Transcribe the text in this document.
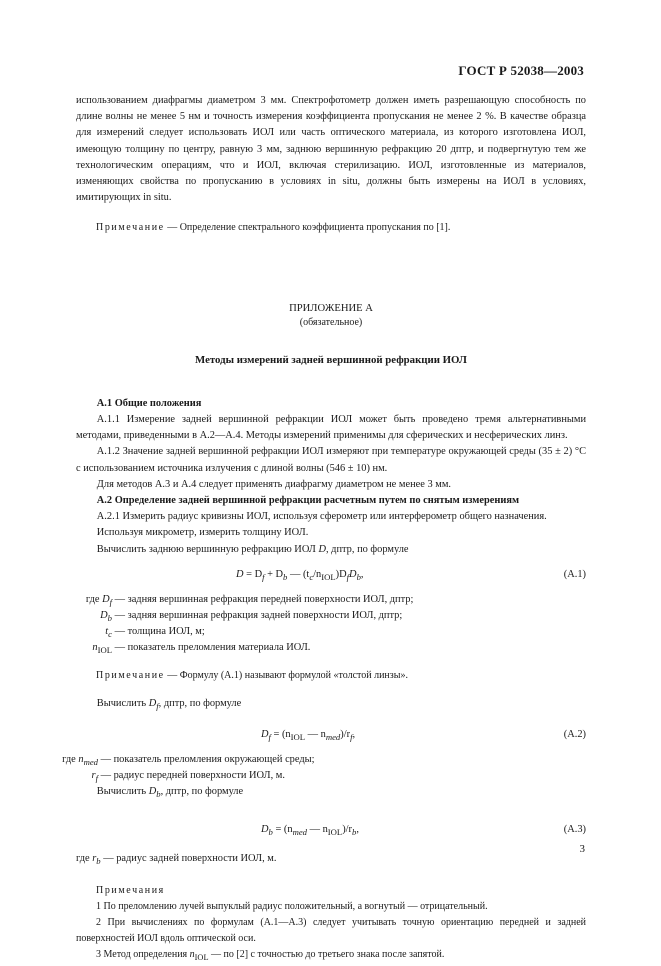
ГОСТ Р 52038—2003

использованием диафрагмы диаметром 3 мм. Спектрофотометр должен иметь разрешающую способность по длине волны не менее 5 нм и точность измерения коэффициента пропускания не менее 2 %. В качестве образца для измерений следует использовать ИОЛ или часть оптического материала, из которого изготовлена ИОЛ, имеющую толщину по центру, равную 3 мм, заднюю вершинную рефракцию 20 дптр, и подвергнутую тем же технологическим операциям, что и ИОЛ, включая стерилизацию. ИОЛ, изготовленные из материалов, изменяющих свойства по пропусканию в условиях in situ, должны быть измерены на ИОЛ в условиях, имитирующих in situ.

Примечание — Определение спектрального коэффициента пропускания по [1].

ПРИЛОЖЕНИЕ А
(обязательное)
Методы измерений задней вершинной рефракции ИОЛ

А.1 Общие положения

А.1.1 Измерение задней вершинной рефракции ИОЛ может быть проведено тремя альтернативными методами, приведенными в А.2—А.4. Методы измерений применимы для сферических и несферических линз.

А.1.2 Значение задней вершинной рефракции ИОЛ измеряют при температуре окружающей среды (35 ± 2) °С с использованием источника излучения с длиной волны (546 ± 10) нм.

Для методов А.3 и А.4 следует применять диафрагму диаметром не менее 3 мм.

А.2 Определение задней вершинной рефракции расчетным путем по снятым измерениям

А.2.1 Измерить радиус кривизны ИОЛ, используя сферометр или интерферометр общего назначения.

Используя микрометр, измерить толщину ИОЛ.

Вычислить заднюю вершинную рефракцию ИОЛ D, дптр, по формуле

$D = D_f + D_b$ — $(t_c/n_{IOL})D_fD_b$,	(А.1)
где $D_f$ — задняя вершинная рефракция передней поверхности ИОЛ, дптр;
$D_b$ — задняя вершинная рефракция задней поверхности ИОЛ, дптр;
$t_c$ — толщина ИОЛ, м;
$n_{IOL}$ — показатель преломления материала ИОЛ.

Примечание — Формулу (А.1) называют формулой «толстой линзы».

Вычислить $D_f$, дптр, по формуле

$D_f = (n_{IOL}$ — $n_{med})/r_f$,	(А.2)
где $n_{med}$ — показатель преломления окружающей среды;
$r_f$ — радиус передней поверхности ИОЛ, м.

Вычислить $D_b$, дптр, по формуле

$D_b = (n_{med}$ — $n_{IOL})/r_b$,	(А.3)
где $r_b$ — радиус задней поверхности ИОЛ, м.

Примечания

1 По преломлению лучей выпуклый радиус положительный, а вогнутый — отрицательный.

2 При вычислениях по формулам (А.1—А.3) следует учитывать точную ориентацию передней и задней поверхностей ИОЛ вдоль оптической оси.

3 Метод определения $n_{IOL}$ — по [2] с точностью до третьего знака после запятой.

3
